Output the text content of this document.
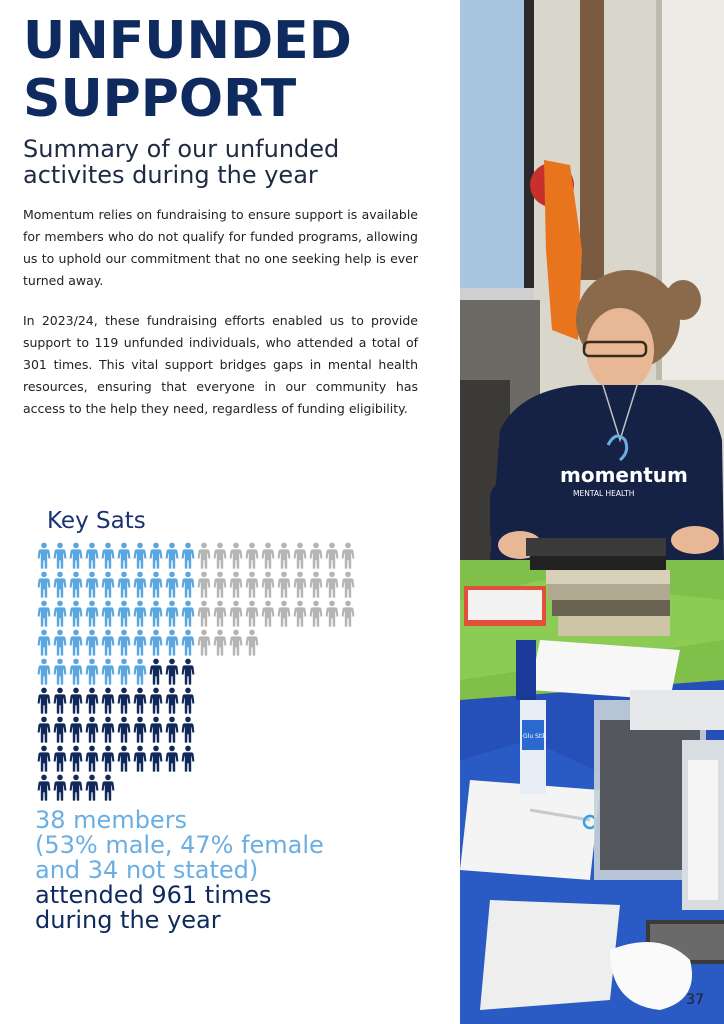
UNFUNDED
SUPPORT
Summary of our unfunded
activites during the year

Momentum relies on fundraising to ensure support is available for members who do not qualify for funded programs, allowing us to uphold our commitment that no one seeking help is ever turned away.

In 2023/24, these fundraising efforts enabled us to provide support to 119 unfunded individuals, who attended a total of 301 times. This vital support bridges gaps in mental health resources, ensuring that everyone in our community has access to the help they need, regardless of funding eligibility.

Key Sats
38 members
(53% male, 47% female
and 34 not stated)
attended 961 times
during the year
momentum
MENTAL HEALTH
Glu Stik
37
